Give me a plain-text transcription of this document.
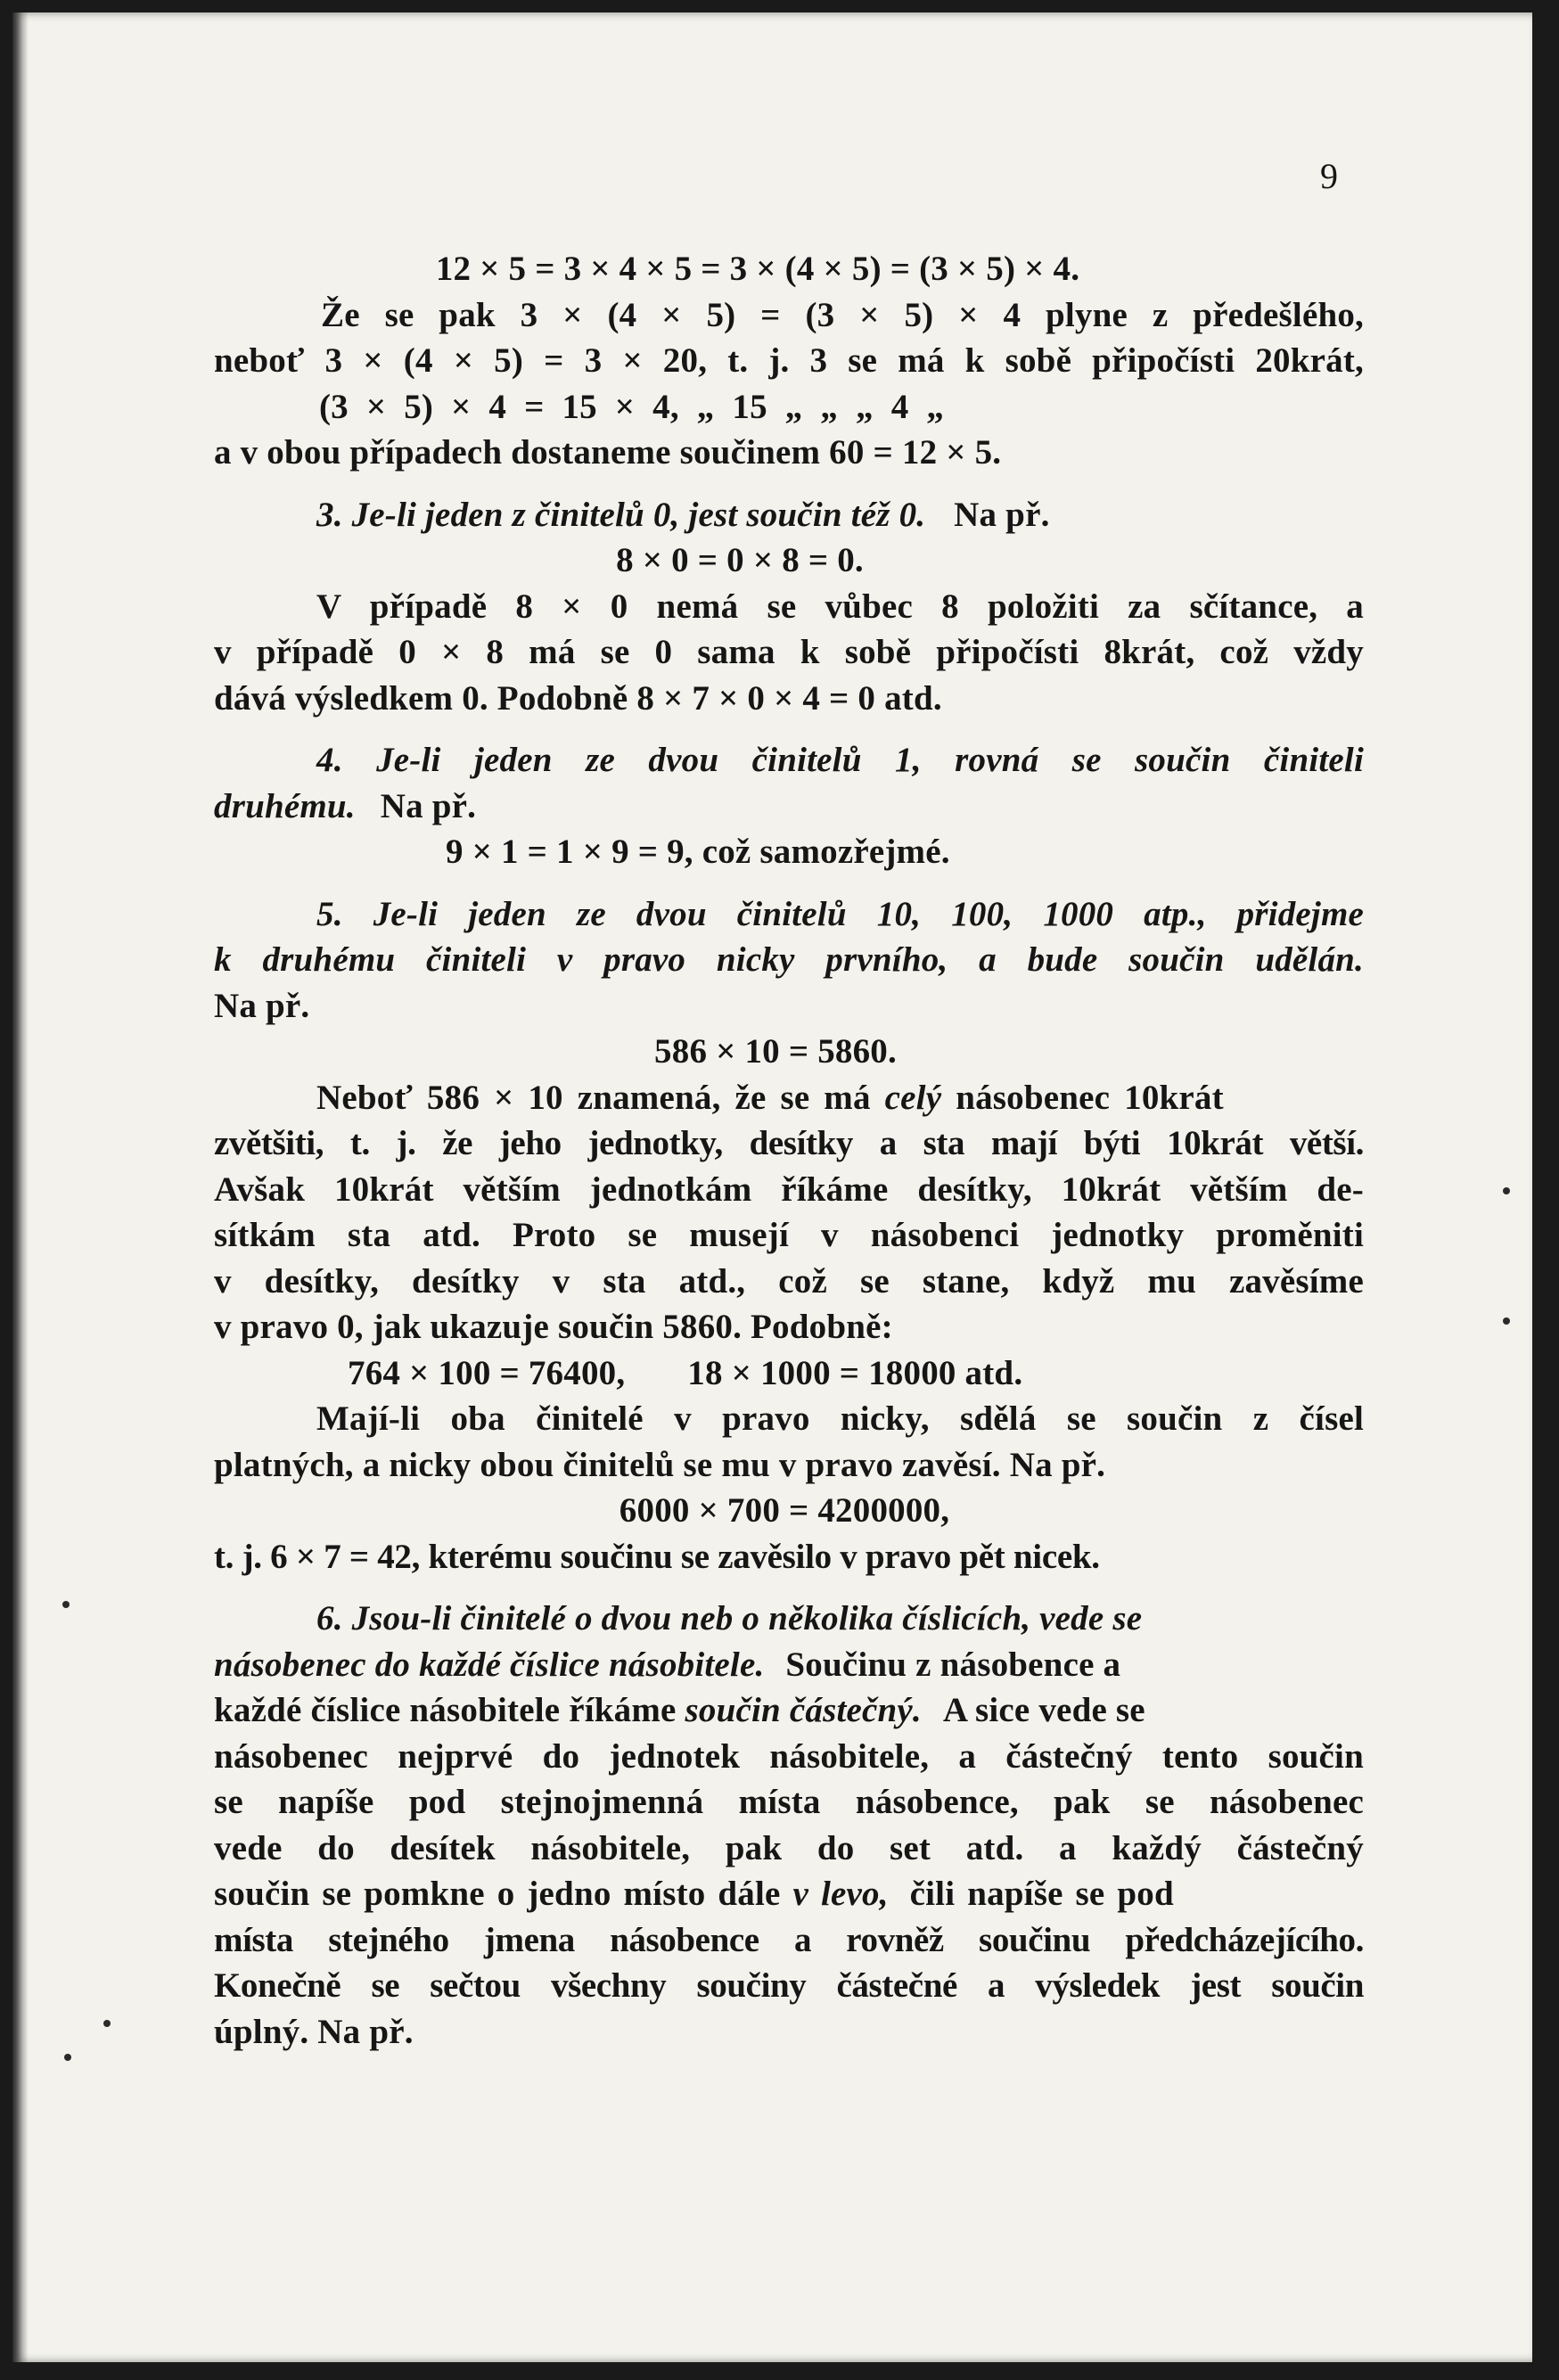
9
12 × 5 = 3 × 4 × 5 = 3 × (4 × 5) = (3 × 5) × 4.
Že se pak 3 × (4 × 5) = (3 × 5) × 4 plyne z předešlého,
neboť 3 × (4 × 5) = 3 × 20, t. j. 3 se má k sobě připočísti 20krát,
(3 × 5) × 4 = 15 × 4, „ 15 „ „ „ 4 „
a v obou případech dostaneme součinem 60 = 12 × 5.
3. Je-li jeden z činitelů 0, jest součin též 0. Na př.
8 × 0 = 0 × 8 = 0.
V případě 8 × 0 nemá se vůbec 8 položiti za sčítance, a
v případě 0 × 8 má se 0 sama k sobě připočísti 8krát, což vždy
dává výsledkem 0. Podobně 8 × 7 × 0 × 4 = 0 atd.
4. Je-li jeden ze dvou činitelů 1, rovná se součin činiteli
druhému. Na př.
9 × 1 = 1 × 9 = 9, což samozřejmé.
5. Je-li jeden ze dvou činitelů 10, 100, 1000 atp., přidejme
k druhému činiteli v pravo nicky prvního, a bude součin udělán.
Na př.
586 × 10 = 5860.
Neboť 586 × 10 znamená, že se má celý násobenec 10krát
zvětšiti, t. j. že jeho jednotky, desítky a sta mají býti 10krát větší.
Avšak 10krát větším jednotkám říkáme desítky, 10krát větším de-
sítkám sta atd. Proto se musejí v násobenci jednotky proměniti
v desítky, desítky v sta atd., což se stane, když mu zavěsíme
v pravo 0, jak ukazuje součin 5860. Podobně:
764 × 100 = 76400, 18 × 1000 = 18000 atd.
Mají-li oba činitelé v pravo nicky, sdělá se součin z čísel
platných, a nicky obou činitelů se mu v pravo zavěsí. Na př.
6000 × 700 = 4200000,
t. j. 6 × 7 = 42, kterému součinu se zavěsilo v pravo pět nicek.
6. Jsou-li činitelé o dvou neb o několika číslicích, vede se
násobenec do každé číslice násobitele. Součinu z násobence a
každé číslice násobitele říkáme součin částečný. A sice vede se
násobenec nejprvé do jednotek násobitele, a částečný tento součin
se napíše pod stejnojmenná místa násobence, pak se násobenec
vede do desítek násobitele, pak do set atd. a každý částečný
součin se pomkne o jedno místo dále v levo, čili napíše se pod
místa stejného jmena násobence a rovněž součinu předcházejícího.
Konečně se sečtou všechny součiny částečné a výsledek jest součin
úplný. Na př.
